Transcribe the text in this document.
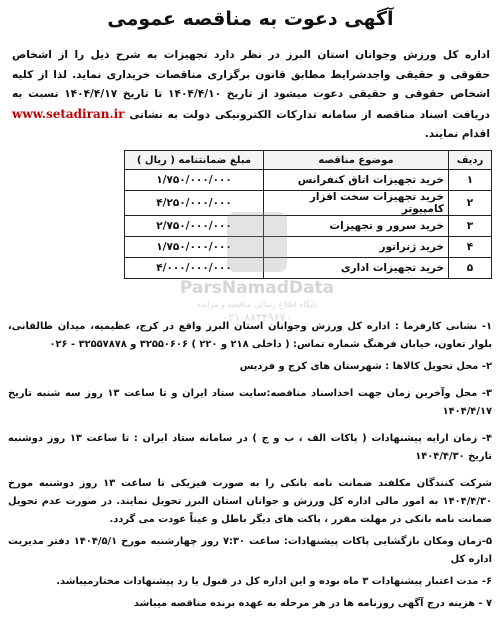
آگهی دعوت به مناقصه عمومی
اداره کل ورزش وجوانان استان البرز در نظر دارد تجهیزات به شرح ذیل را از اشخاص حقوقی و حقیقی واجدشرایط مطابق قانون برگزاری مناقصات خریداری نماید. لذا از کلیه اشخاص حقوقی و حقیقی دعوت میشود از تاریخ ۱۴۰۴/۴/۱۰ تا تاریخ ۱۴۰۴/۴/۱۷ نسبت به دریافت اسناد مناقصه از سامانه تدارکات الکترونیکی دولت به نشانی www.setadiran.ir اقدام نمایند.
ردیف	موضوع مناقصه	مبلغ ضمانتنامه ( ریال )
۱	خرید تجهیزات اتاق کنفرانس	۱/۷۵۰/۰۰۰/۰۰۰
۲	خرید تجهیزات سخت افزار کامپیوتر	۴/۲۵۰/۰۰۰/۰۰۰
۳	خرید سرور و تجهیزات	۲/۷۵۰/۰۰۰/۰۰۰
۴	خرید ژنراتور	۱/۷۵۰/۰۰۰/۰۰۰
۵	خرید تجهیزات اداری	۴/۰۰۰/۰۰۰/۰۰۰
ParsNamadData
پایگاه اطلاع رسانی مناقصه و مزایده
۰۲۱-۸۸۳۴۹۶۷۰

۱- نشانی کارفرما : اداره کل ورزش وجوانان استان البرز واقع در کرج، عظیمیه، میدان طالقانی، بلوار تعاون، خیابان فرهنگ شماره تماس: ( داخلی ۲۱۸ و ۲۲۰ ) ۳۲۵۵۰۶۰۶ و ۳۲۵۵۷۸۷۸ - ۰۲۶

۲- محل تحویل کالاها : شهرستان های کرج و فردیس

۳- محل وآخرین زمان جهت اخذاسناد مناقصه:سایت ستاد ایران و تا ساعت ۱۳ روز سه شنبه تاریخ ۱۴۰۴/۴/۱۷

۴- زمان ارایه پیشنهادات ( پاکات الف ، ب و ج ) در سامانه ستاد ایران : تا ساعت ۱۳ روز دوشنبه تاریخ ۱۴۰۴/۴/۳۰

شرکت کنندگان مکلفند ضمانت نامه بانکی را به صورت فیزیکی تا ساعت ۱۳ روز دوشنبه مورخ ۱۴۰۴/۴/۳۰ به امور مالی اداره کل ورزش و جوانان استان البرز تحویل نمایند. در صورت عدم تحویل ضمانت نامه بانکی در مهلت مقرر ، پاکت های دیگر باطل و عیناً عودت می گردد.

۵-زمان ومکان بازگشایی پاکات پیشنهادات: ساعت ۷:۳۰ روز چهارشنبه مورخ ۱۴۰۴/۵/۱ دفتر مدیریت اداره کل

۶- مدت اعتبار پیشنهادات ۳ ماه بوده و این اداره کل در قبول یا رد پیشنهادات مختارمیباشد.

۷ - هزینه درج آگهی روزنامه ها در هر مرحله به عهده برنده مناقصه میباشد
